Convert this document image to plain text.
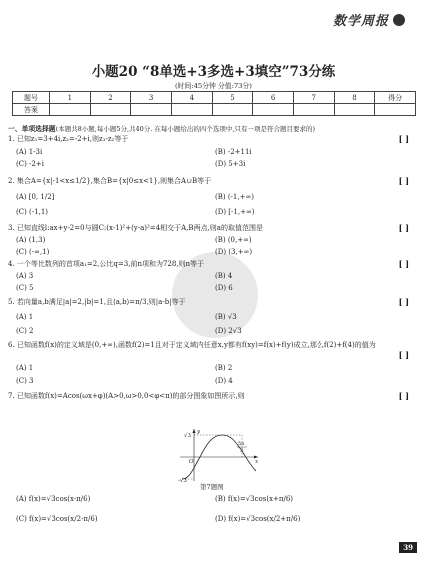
数学周报
小题20 “8单选+3多选+3填空”73分练
(时间:45分钟 分值:73分)
题号	1	2	3	4	5	6	7	8	得分
答案									
一、单项选择题(本题共8小题,每小题5分,共40分. 在每小题给出的四个选项中,只有一项是符合题目要求的)
1. 已知z₁=3+4i,z₂=-2+i,则z₁-z₂等于	[ ]
(A) 1-3i	(B) -2+11i
(C) -2+i	(D) 5+3i
2. 集合A={x|-1<x≤1/2},集合B={x|0≤x<1},则集合A∪B等于	[ ]
(A) [0, 1/2]	(B) (-1,+∞)
(C) (-1,1)	(D) [-1,+∞)
3. 已知直线l:ax+y-2=0与圆C:(x-1)²+(y-a)²=4相交于A,B两点,则a的取值范围是	[ ]
(A) (1,3)	(B) (0,+∞)
(C) (-∞,1)	(D) (3,+∞)
4. 一个等比数列的首项a₁=2,公比q=3,前n项和为728,则n等于	[ ]
(A) 3	(B) 4
(C) 5	(D) 6
5. 若向量a,b满足|a|=2,|b|=1,且⟨a,b⟩=π/3,则|a-b|等于	[ ]
(A) 1	(B) √3
(C) 2	(D) 2√3
6. 已知函数f(x)的定义域是(0,+∞),函数f(2)=1且对于定义域内任意x,y都有f(xy)=f(x)+f(y)成立,那么f(2)+f(4)的值为
[ ]
(A) 1	(B) 2
(C) 3	(D) 4
7. 已知函数f(x)=Acos(ωx+φ)(A>0,ω>0,0<φ<π)的部分图象如图所示,则	[ ]
√3
-√3
O	x
y
5π
3
第7题图
(A) f(x)=√3cos(x-π/6)	(B) f(x)=√3cos(x+π/6)
(C) f(x)=√3cos(x/2-π/6)	(D) f(x)=√3cos(x/2+π/6)
39
